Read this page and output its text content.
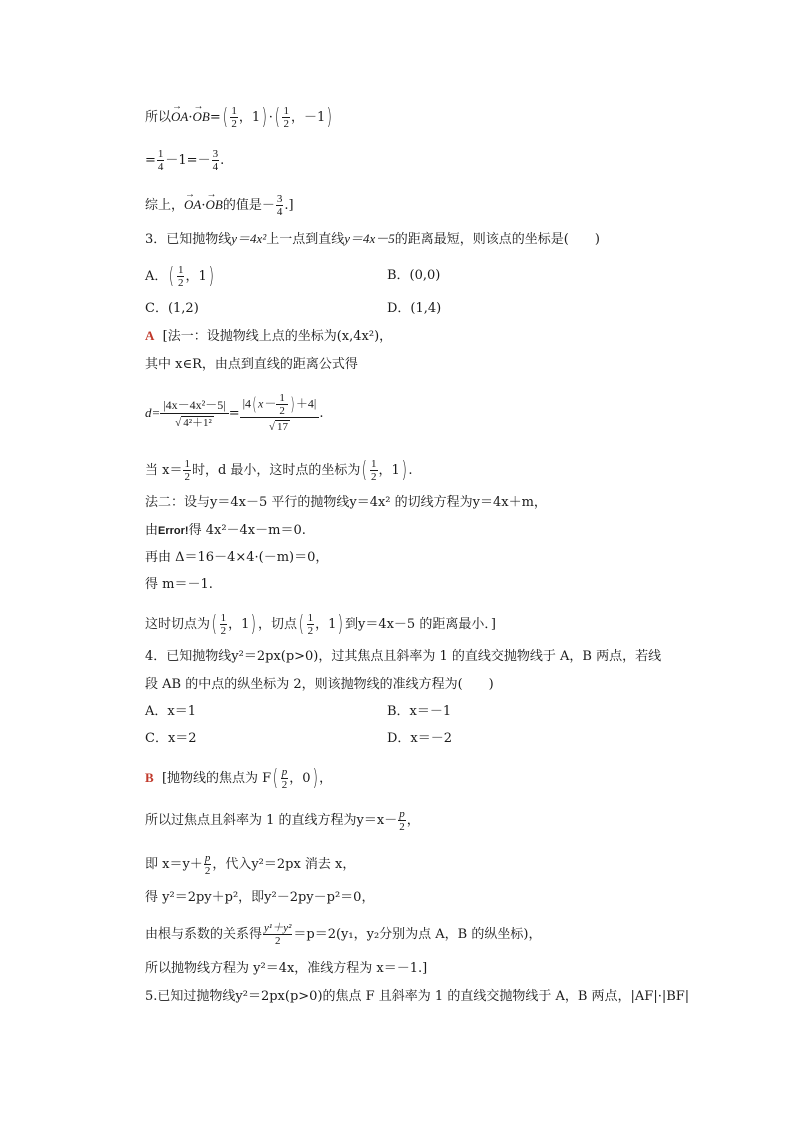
所以→ $OA\cdot\to OB=( \frac{1}{2}$ ，1) ·( $\frac{1}{2}$ ，－1)
= $\frac{1}{4} -1=- \frac{3}{4}$ .
综上，→ OA·→ OB的值是－ $\frac{3}{4}$ .]
3．已知抛物线y＝4x²上一点到直线y＝4x－5的距离最短，则该点的坐标是(　　)
A．( $\frac{1}{2}$ ，1)	B．(0,0)
C．(1,2)	D．(1,4)
A [法一：设抛物线上点的坐标为(x,4x²)，
其中 x∈R，由点到直线的距离公式得
$d= \frac{\text{|4x－4x²－5|}}{\text{√ 4²＋1²}} = \frac{|4(x- \frac{1}{2} )+4|}{√ 17}$ .
当 $x= \frac{1}{2}$ 时，d 最小，这时点的坐标为( $\frac{1}{2}$ ，1) .
法二：设与y＝4x－5 平行的抛物线y＝4x² 的切线方程为y＝4x＋m，
由Error!得 4x²－4x－m＝0.
再由 Δ＝16－4×4·(－m)＝0，
得 m＝－1.
这时切点为( $\frac{1}{2}$ ，1) ，切点( $\frac{1}{2}$ ，1) 到y＝4x－5 的距离最小．]
4．已知抛物线y²＝2px(p>0)，过其焦点且斜率为 1 的直线交抛物线于 A，B 两点，若线
段 AB 的中点的纵坐标为 2，则该抛物线的准线方程为(　　)
A．x＝1	B．x＝－1
C．x＝2	D．x＝－2
B [抛物线的焦点为 $F( \frac{p}{2}$ ，0) ，
所以过焦点且斜率为 1 的直线方程为$y=x- \frac{p}{2}$ ，
即 $x=y+ \frac{p}{2}$ ，代入y²＝2px 消去 x，
得 y²＝2py＋p²，即y²－2py－p²＝0，
由根与系数的关系得 $\frac{\text{y¹＋y²}}{2} =p=2(y_1$，y₂分别为点 A，B 的纵坐标)，
所以抛物线方程为 y²＝4x，准线方程为 x＝－1.]
5.已知过抛物线y²＝2px(p>0)的焦点 F 且斜率为 1 的直线交抛物线于 A，B 两点，|AF|·|BF|
